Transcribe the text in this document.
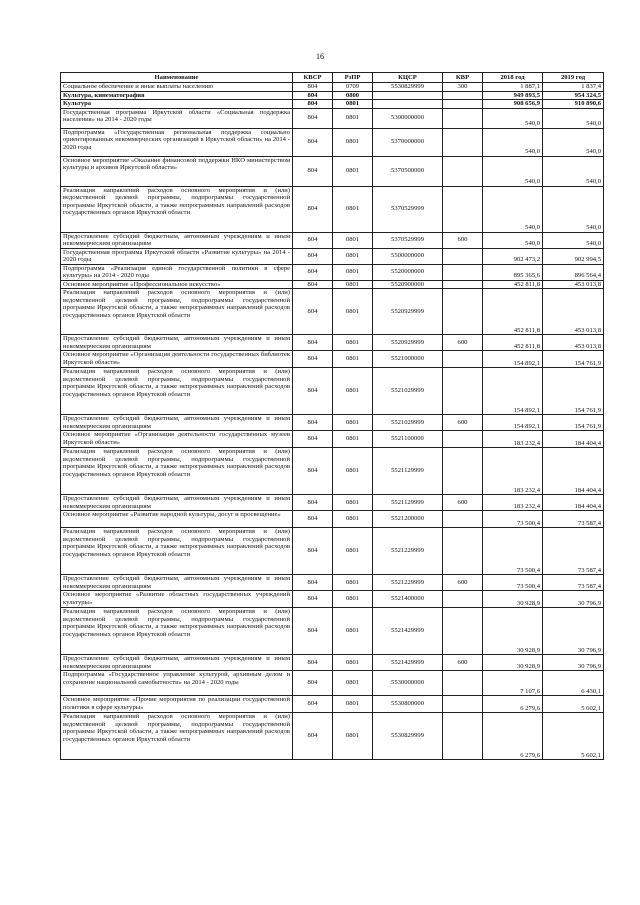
16
Наименование	КВСР	РзПР	КЦСР	КВР	2018 год	2019 год
Социальное обеспечение и иные выплаты населению	804	0709	5530829999	300	1 887,1	1 837,4
Культура, кинематография	804	0800			949 893,5	954 324,5
Культура	804	0801			908 656,9	910 890,6
Государственная программа Иркутской области «Социальная поддержка населения» на 2014 - 2020 годы	804	0801	5300000000		540,0	540,0
Подпрограмма «Государственная региональная поддержка социально ориентированных некоммерческих организаций в Иркутской области» на 2014 - 2020 годы	804	0801	5370000000		540,0	540,0
Основное мероприятие «Оказание финансовой поддержки НКО министерством культуры и архивов Иркутской области»	804	0801	5370500000		540,0	540,0
Реализация направлений расходов основного мероприятия и (или) ведомственной целевой программы, подпрограммы государственной программы Иркутской области, а также непрограммных направлений расходов государственных органов Иркутской области	804	0801	5370529999		540,0	540,0
Предоставление субсидий бюджетным, автономным учреждениям и иным некоммерческим организациям	804	0801	5370529999	600	540,0	540,0
Государственная программа Иркутской области «Развитие культуры» на 2014 - 2020 годы	804	0801	5500000000		902 473,2	902 994,5
Подпрограмма «Реализация единой государственной политики в сфере культуры» на 2014 - 2020 годы	804	0801	5520000000		895 365,6	896 564,4
Основное мероприятие «Профессиональное искусство»	804	0801	5520900000		452 811,8	453 013,8
Реализация направлений расходов основного мероприятия и (или) ведомственной целевой программы, подпрограммы государственной программы Иркутской области, а также непрограммных направлений расходов государственных органов Иркутской области	804	0801	5520929999		452 811,8	453 013,8
Предоставление субсидий бюджетным, автономным учреждениям и иным некоммерческим организациям	804	0801	5520929999	600	452 811,8	453 013,8
Основное мероприятие «Организация деятельности государственных библиотек Иркутской области»	804	0801	5521000000		154 892,1	154 761,9
Реализация направлений расходов основного мероприятия и (или) ведомственной целевой программы, подпрограммы государственной программы Иркутской области, а также непрограммных направлений расходов государственных органов Иркутской области	804	0801	5521029999		154 892,1	154 761,9
Предоставление субсидий бюджетным, автономным учреждениям и иным некоммерческим организациям	804	0801	5521029999	600	154 892,1	154 761,9
Основное мероприятие «Организация деятельности государственных музеев Иркутской области»	804	0801	5521100000		183 232,4	184 404,4
Реализация направлений расходов основного мероприятия и (или) ведомственной целевой программы, подпрограммы государственной программы Иркутской области, а также непрограммных направлений расходов государственных органов Иркутской области	804	0801	5521129999		183 232,4	184 404,4
Предоставление субсидий бюджетным, автономным учреждениям и иным некоммерческим организациям	804	0801	5521129999	600	183 232,4	184 404,4
Основное мероприятие «Развитие народной культуры, досуг и просвещение»	804	0801	5521200000		73 500,4	73 587,4
Реализация направлений расходов основного мероприятия и (или) ведомственной целевой программы, подпрограммы государственной программы Иркутской области, а также непрограммных направлений расходов государственных органов Иркутской области	804	0801	5521229999		73 500,4	73 587,4
Предоставление субсидий бюджетным, автономным учреждениям и иным некоммерческим организациям	804	0801	5521229999	600	73 500,4	73 587,4
Основное мероприятие «Развитие областных государственных учреждений культуры»	804	0801	5521400000		30 928,9	30 796,9
Реализация направлений расходов основного мероприятия и (или) ведомственной целевой программы, подпрограммы государственной программы Иркутской области, а также непрограммных направлений расходов государственных органов Иркутской области	804	0801	5521429999		30 928,9	30 796,9
Предоставление субсидий бюджетным, автономным учреждениям и иным некоммерческим организациям	804	0801	5521429999	600	30 928,9	30 796,9
Подпрограмма «Государственное управление культурой, архивным делом и сохранение национальной самобытности» на 2014 - 2020 годы	804	0801	5530000000		7 107,6	6 430,1
Основное мероприятие «Прочие мероприятия по реализации государственной политики в сфере культуры»	804	0801	5530800000		6 279,6	5 602,1
Реализация направлений расходов основного мероприятия и (или) ведомственной целевой программы, подпрограммы государственной программы Иркутской области, а также непрограммных направлений расходов государственных органов Иркутской области	804	0801	5530829999		6 279,6	5 602,1
